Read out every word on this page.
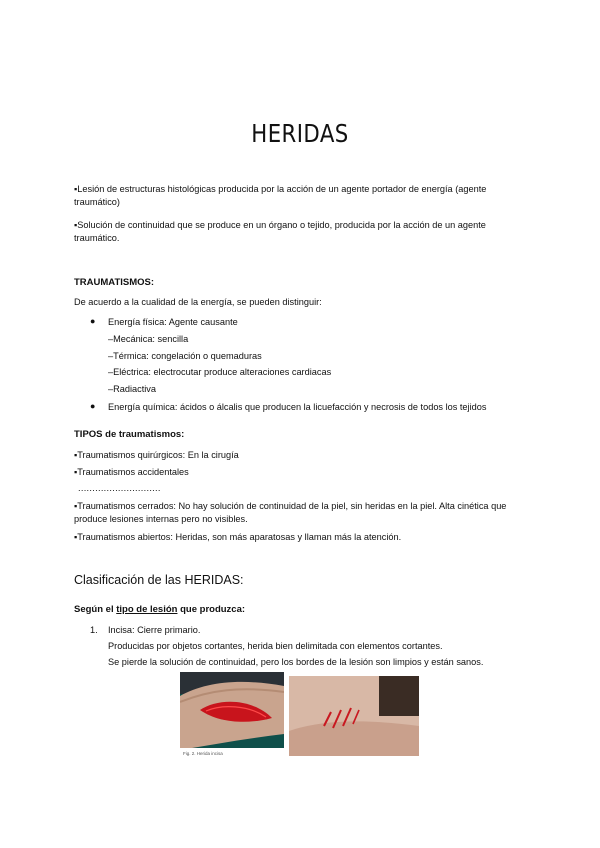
HERIDAS
▪Lesión de estructuras histológicas producida por la acción de un agente portador de energía (agente traumático)
▪Solución de continuidad que se produce en un órgano o tejido, producida por la acción de un agente traumático.
TRAUMATISMOS:
De acuerdo a la cualidad de la energía, se pueden distinguir:
● Energía física: Agente causante
–Mecánica: sencilla
–Térmica: congelación o quemaduras
–Eléctrica: electrocutar produce alteraciones cardiacas
–Radiactiva
● Energía química: ácidos o álcalis que producen la licuefacción y necrosis de todos los tejidos
TIPOS de traumatismos:
▪Traumatismos quirúrgicos: En la cirugía
▪Traumatismos accidentales
.............................
▪Traumatismos cerrados: No hay solución de continuidad de la piel, sin heridas en la piel. Alta cinética que produce lesiones internas pero no visibles.
▪Traumatismos abiertos: Heridas, son más aparatosas y llaman más la atención.
Clasificación de las HERIDAS:
Según el tipo de lesión que produzca:
1. Incisa: Cierre primario.
Producidas por objetos cortantes, herida bien delimitada con elementos cortantes.
Se pierde la solución de continuidad, pero los bordes de la lesión son limpios y están sanos.
Fig. 2. Herida incisa
